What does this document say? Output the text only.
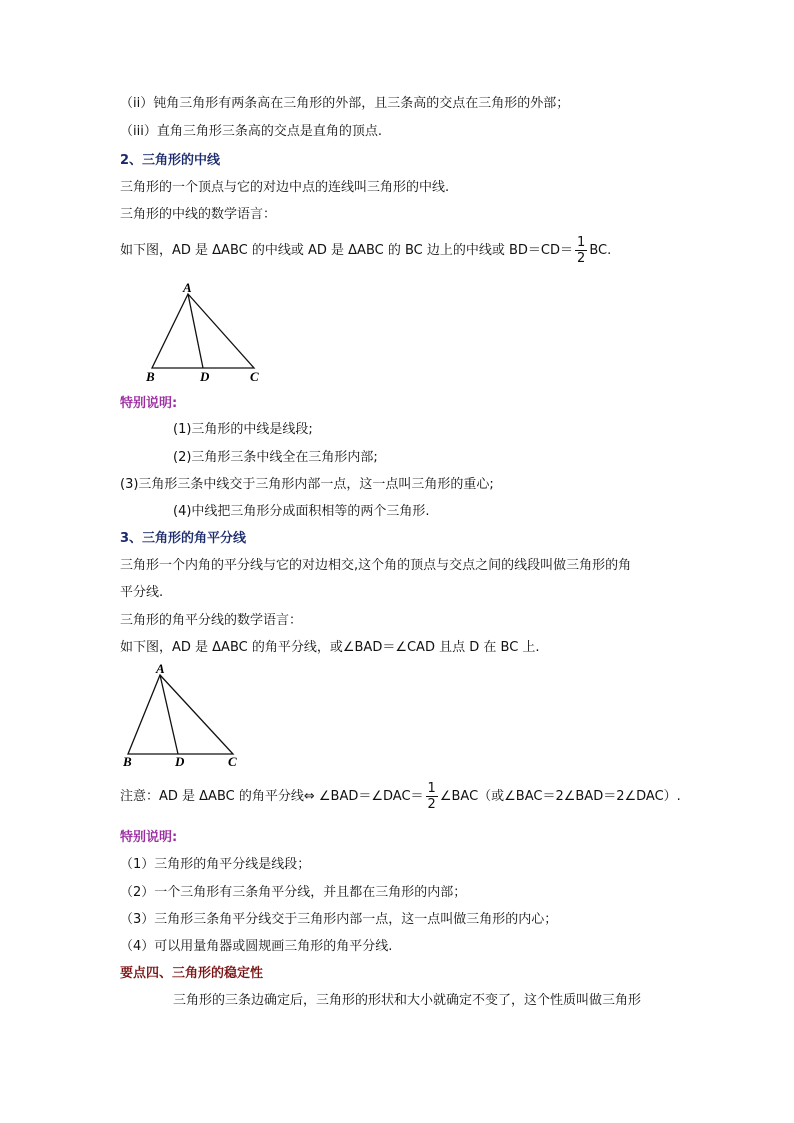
（ii）钝角三角形有两条高在三角形的外部，且三条高的交点在三角形的外部；
（iii）直角三角形三条高的交点是直角的顶点.
2、三角形的中线
三角形的一个顶点与它的对边中点的连线叫三角形的中线.
三角形的中线的数学语言：
如下图，AD 是 ΔABC 的中线或 AD 是 ΔABC 的 BC 边上的中线或 $BD=CD= \frac{1}{2}$ BC.
A
B	D	C
特别说明:
(1)三角形的中线是线段;
(2)三角形三条中线全在三角形内部;
(3)三角形三条中线交于三角形内部一点，这一点叫三角形的重心;
(4)中线把三角形分成面积相等的两个三角形.
3、三角形的角平分线
三角形一个内角的平分线与它的对边相交,这个角的顶点与交点之间的线段叫做三角形的角
平分线.
三角形的角平分线的数学语言：
如下图，AD 是 ΔABC 的角平分线，或∠BAD＝∠CAD 且点 D 在 BC 上.
A
B	D	C
注意：AD 是 ΔABC 的角平分线⇔ ∠BAD＝∠DAC＝ $\frac{1}{2}$ ∠BAC（或∠BAC＝2∠BAD＝2∠DAC）.
特别说明:
（1）三角形的角平分线是线段；
（2）一个三角形有三条角平分线，并且都在三角形的内部；
（3）三角形三条角平分线交于三角形内部一点，这一点叫做三角形的内心；
（4）可以用量角器或圆规画三角形的角平分线.
要点四、三角形的稳定性
三角形的三条边确定后，三角形的形状和大小就确定不变了，这个性质叫做三角形
